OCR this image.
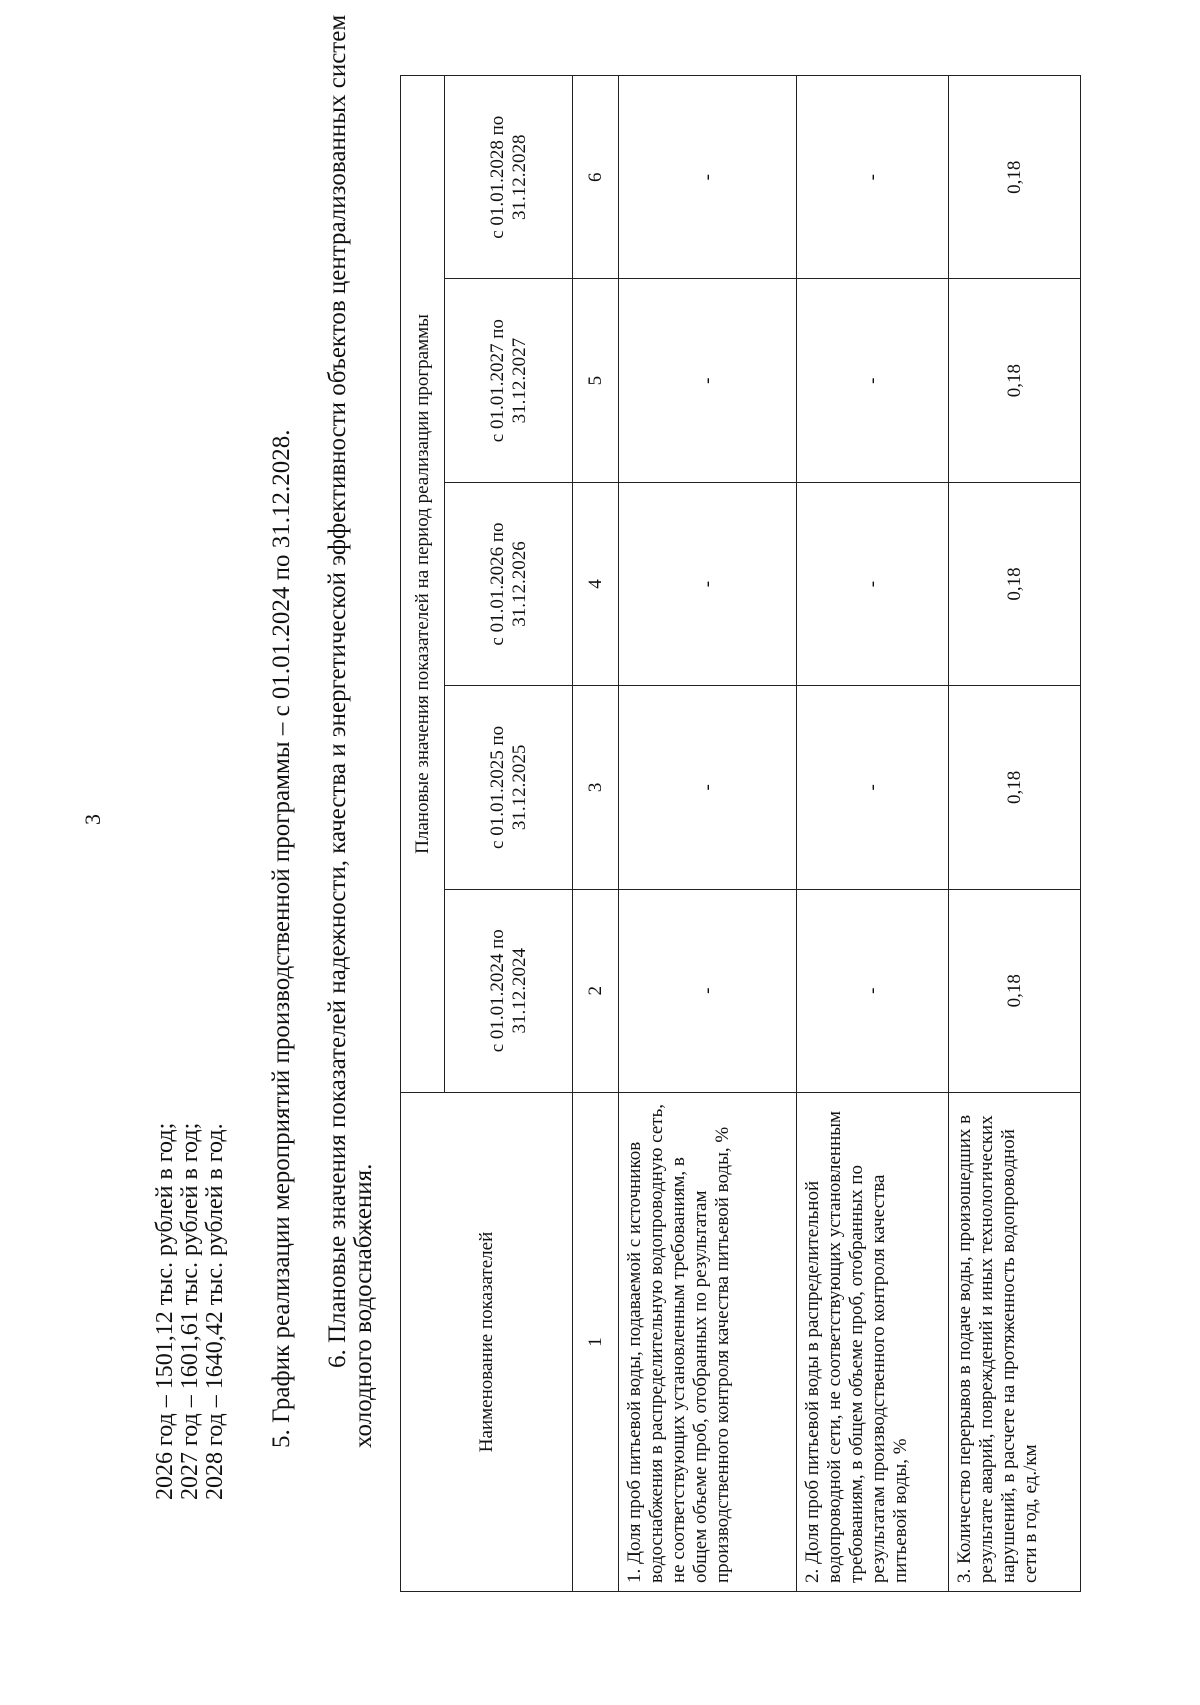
3
2026 год – 1501,12 тыс. рублей в год; 2027 год – 1601,61 тыс. рублей в год; 2028 год – 1640,42 тыс. рублей в год. 5. График реализации мероприятий производственной программы – с 01.01.2024 по 31.12.2028. 6. Плановые значения показателей надежности, качества и энергетической эффективности объектов централизованных систем холодного водоснабжения.	Наименование показателей	Плановые значения показателей на период реализации программы				
	с 01.01.2024 по 31.12.2024	с 01.01.2025 по 31.12.2025	с 01.01.2026 по 31.12.2026	с 01.01.2027 по 31.12.2027	с 01.01.2028 по 31.12.2028
1	2	3	4	5	6
1. Доля проб питьевой воды, подаваемой с источников водоснабжения в распределительную водопроводную сеть, не соответствующих установленным требованиям, в общем объеме проб, отобранных по результатам производственного контроля качества питьевой воды, %	-	-	-	-	-
2. Доля проб питьевой воды в распределительной водопроводной сети, не соответствующих установленным требованиям, в общем объеме проб, отобранных по результатам производственного контроля качества питьевой воды, %	-	-	-	-	-
3. Количество перерывов в подаче воды, произошедших в результате аварий, повреждений и иных технологических нарушений, в расчете на протяженность водопроводной сети в год, ед./км	0,18	0,18	0,18	0,18	0,18
